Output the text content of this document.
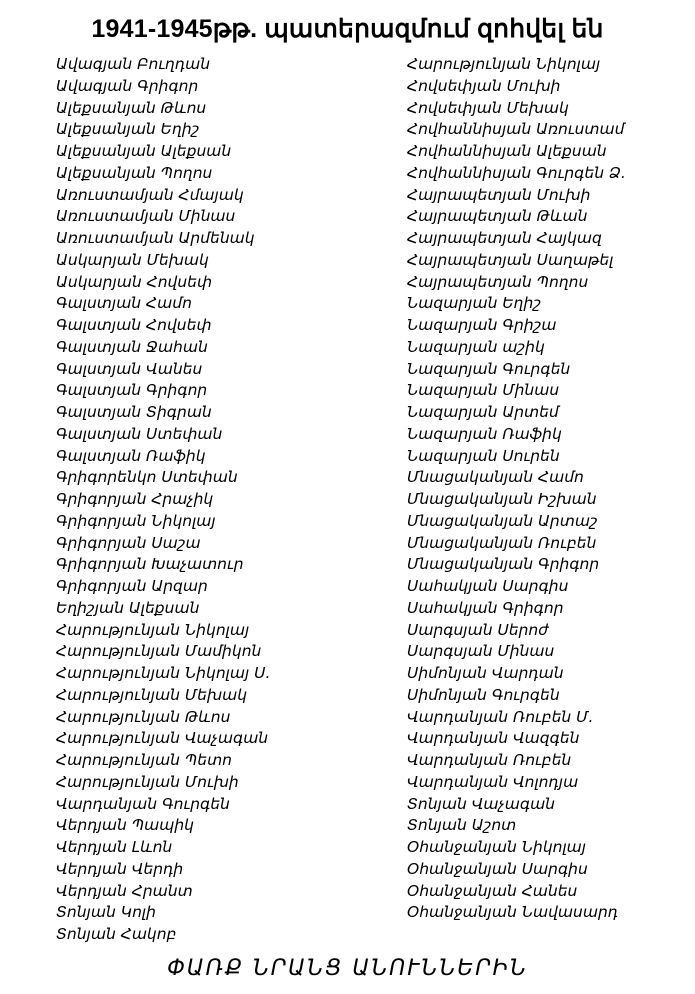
1941-1945թթ. պատերազմում զոհվել են
Ավագյան Բուղդան
Ավագյան Գրիգոր
Ալեքսանյան Թևոս
Ալեքսանյան Եղիշ
Ալեքսանյան Ալեքսան
Ալեքսանյան Պողոս
Առուստամյան Հմայակ
Առուստամյան Մինաս
Առուստամյան Արմենակ
Ասկարյան Մեխակ
Ասկարյան Հովսեփ
Գալստյան Համո
Գալստյան Հովսեփ
Գալստյան Ջահան
Գալստյան Վանես
Գալստյան Գրիգոր
Գալստյան Տիգրան
Գալստյան Ստեփան
Գալստյան Ռաֆիկ
Գրիգորենկո Ստեփան
Գրիգորյան Հրաչիկ
Գրիգորյան Նիկոլայ
Գրիգորյան Սաշա
Գրիգորյան Խաչատուր
Գրիգորյան Արզար
Եղիշյան Ալեքսան
Հարությունյան Նիկոլայ
Հարությունյան Մամիկոն
Հարությունյան Նիկոլայ Ս.
Հարությունյան Մեխակ
Հարությունյան Թևոս
Հարությունյան Վաչագան
Հարությունյան Պետո
Հարությունյան Մուխի
Վարդանյան Գուրգեն
Վերդյան Պապիկ
Վերդյան Լևոն
Վերդյան Վերդի
Վերդյան Հրանտ
Տոնյան Կոլի
Տոնյան Հակոբ
Հարությունյան Նիկոլայ
Հովսեփյան Մուխի
Հովսեփյան Մեխակ
Հովհաննիսյան Առուստամ
Հովհաննիսյան Ալեքսան
Հովհաննիսյան Գուրգեն Ձ.
Հայրապետյան Մուխի
Հայրապետյան Թևան
Հայրապետյան Հայկազ
Հայրապետյան Սաղաթել
Հայրապետյան Պողոս
Նազարյան Եղիշ
Նազարյան Գրիշա
Նազարյան աշիկ
Նազարյան Գուրգեն
Նազարյան Մինաս
Նազարյան Արտեմ
Նազարյան Ռաֆիկ
Նազարյան Սուրեն
Մնացականյան Համո
Մնացականյան Իշխան
Մնացականյան Արտաշ
Մնացականյան Ռուբեն
Մնացականյան Գրիգոր
Սահակյան Սարգիս
Սահակյան Գրիգոր
Սարգսյան Սերոժ
Սարգսյան Մինաս
Սիմոնյան Վարդան
Սիմոնյան Գուրգեն
Վարդանյան Ռուբեն Մ.
Վարդանյան Վազգեն
Վարդանյան Ռուբեն
Վարդանյան Վոլոդյա
Տոնյան Վաչագան
Տոնյան Աշոտ
Օհանջանյան Նիկոլայ
Օհանջանյան Սարգիս
Օհանջանյան Հանես
Օհանջանյան Նավասարդ
ՓԱՌՔ ՆՐԱՆՑ ԱՆՈՒՆՆԵՐԻՆ
